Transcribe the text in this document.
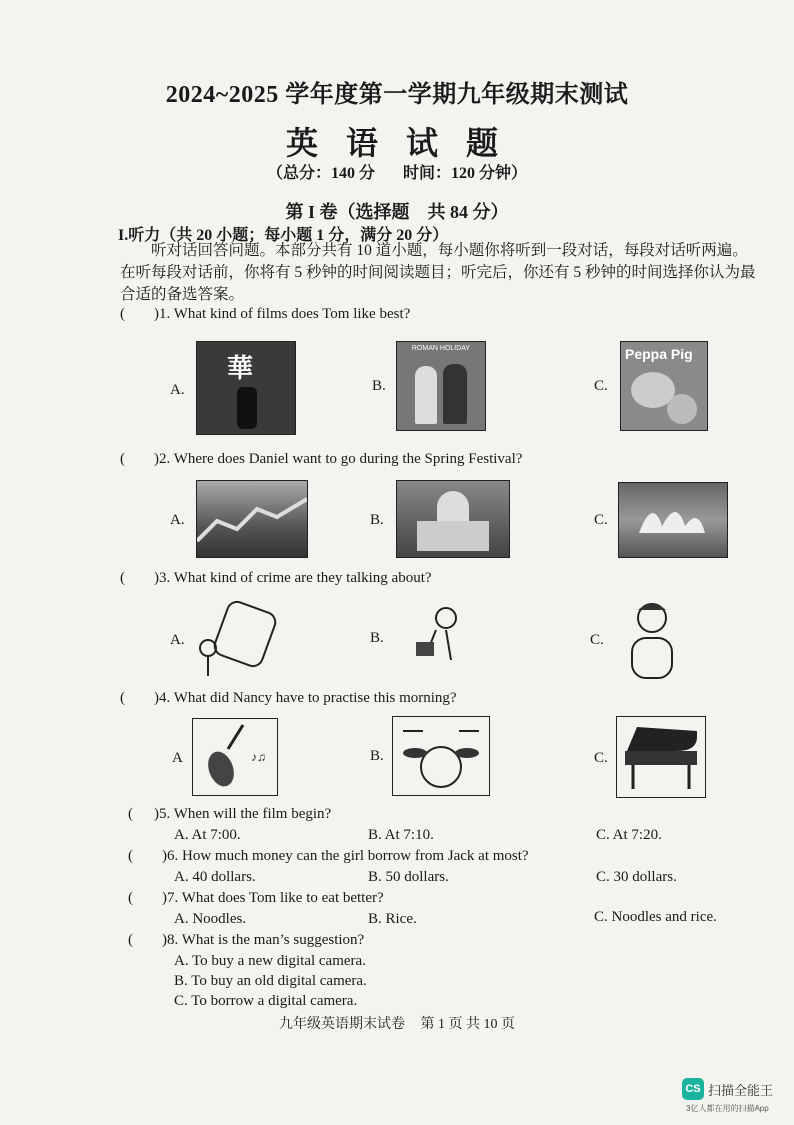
2024~2025 学年度第一学期九年级期末测试
英 语 试 题
（总分：140 分 时间：120 分钟）
第 I 卷（选择题　共 84 分）
I.听力（共 20 小题；每小题 1 分，满分 20 分）
听对话回答问题。本部分共有 10 道小题，每小题你将听到一段对话，每段对话听两遍。在听每段对话前，你将有 5 秒钟的时间阅读题目；听完后，你还有 5 秒钟的时间选择你认为最合适的备选答案。
( )1. What kind of films does Tom like best?
A.
華
B.
ROMAN HOLIDAY
C.
Peppa Pig
( )2. Where does Daniel want to go during the Spring Festival?
A.	B.	C.
( )3. What kind of crime are they talking about?
A.	B.	C.
( )4. What did Nancy have to practise this morning?
A	♪♫	B.	C.
( )5. When will the film begin?
A. At 7:00.	B. At 7:10.	C. At 7:20.
( )6. How much money can the girl borrow from Jack at most?
A. 40 dollars.	B. 50 dollars.	C. 30 dollars.
( )7. What does Tom like to eat better?
A. Noodles.	B. Rice.	C. Noodles and rice.
( )8. What is the man’s suggestion?
A. To buy a new digital camera.
B. To buy an old digital camera.
C. To borrow a digital camera.
九年级英语期末试卷 第 1 页 共 10 页
CS 扫描全能王
3亿人都在用的扫描App
